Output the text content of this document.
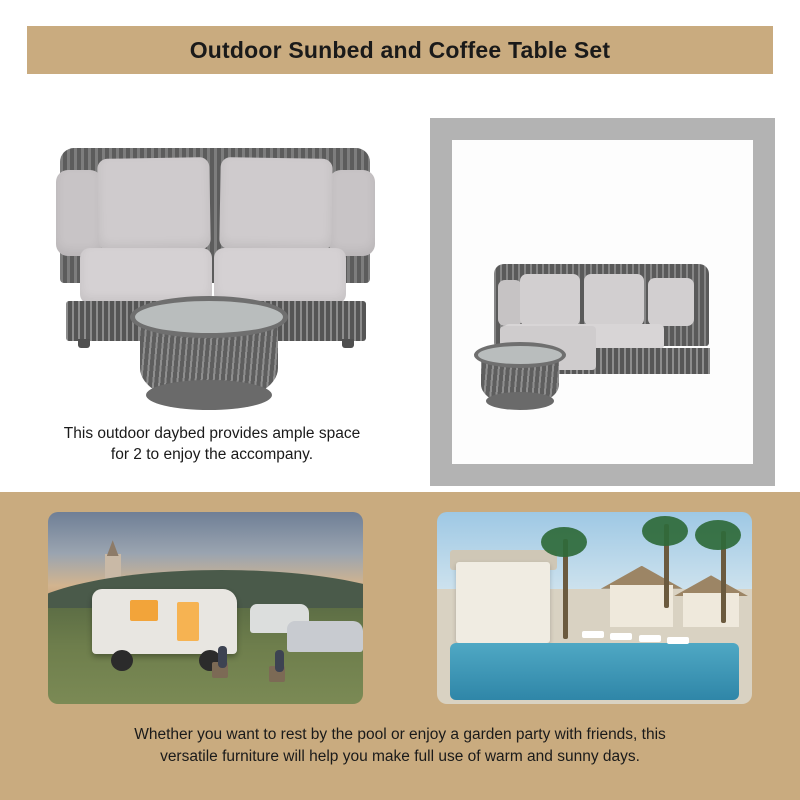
Outdoor Sunbed and Coffee Table Set
This outdoor daybed provides ample space
for 2 to enjoy the accompany.
Whether you want to rest by the pool or enjoy a garden party with friends, this
versatile furniture will help you make full use of warm and sunny days.
